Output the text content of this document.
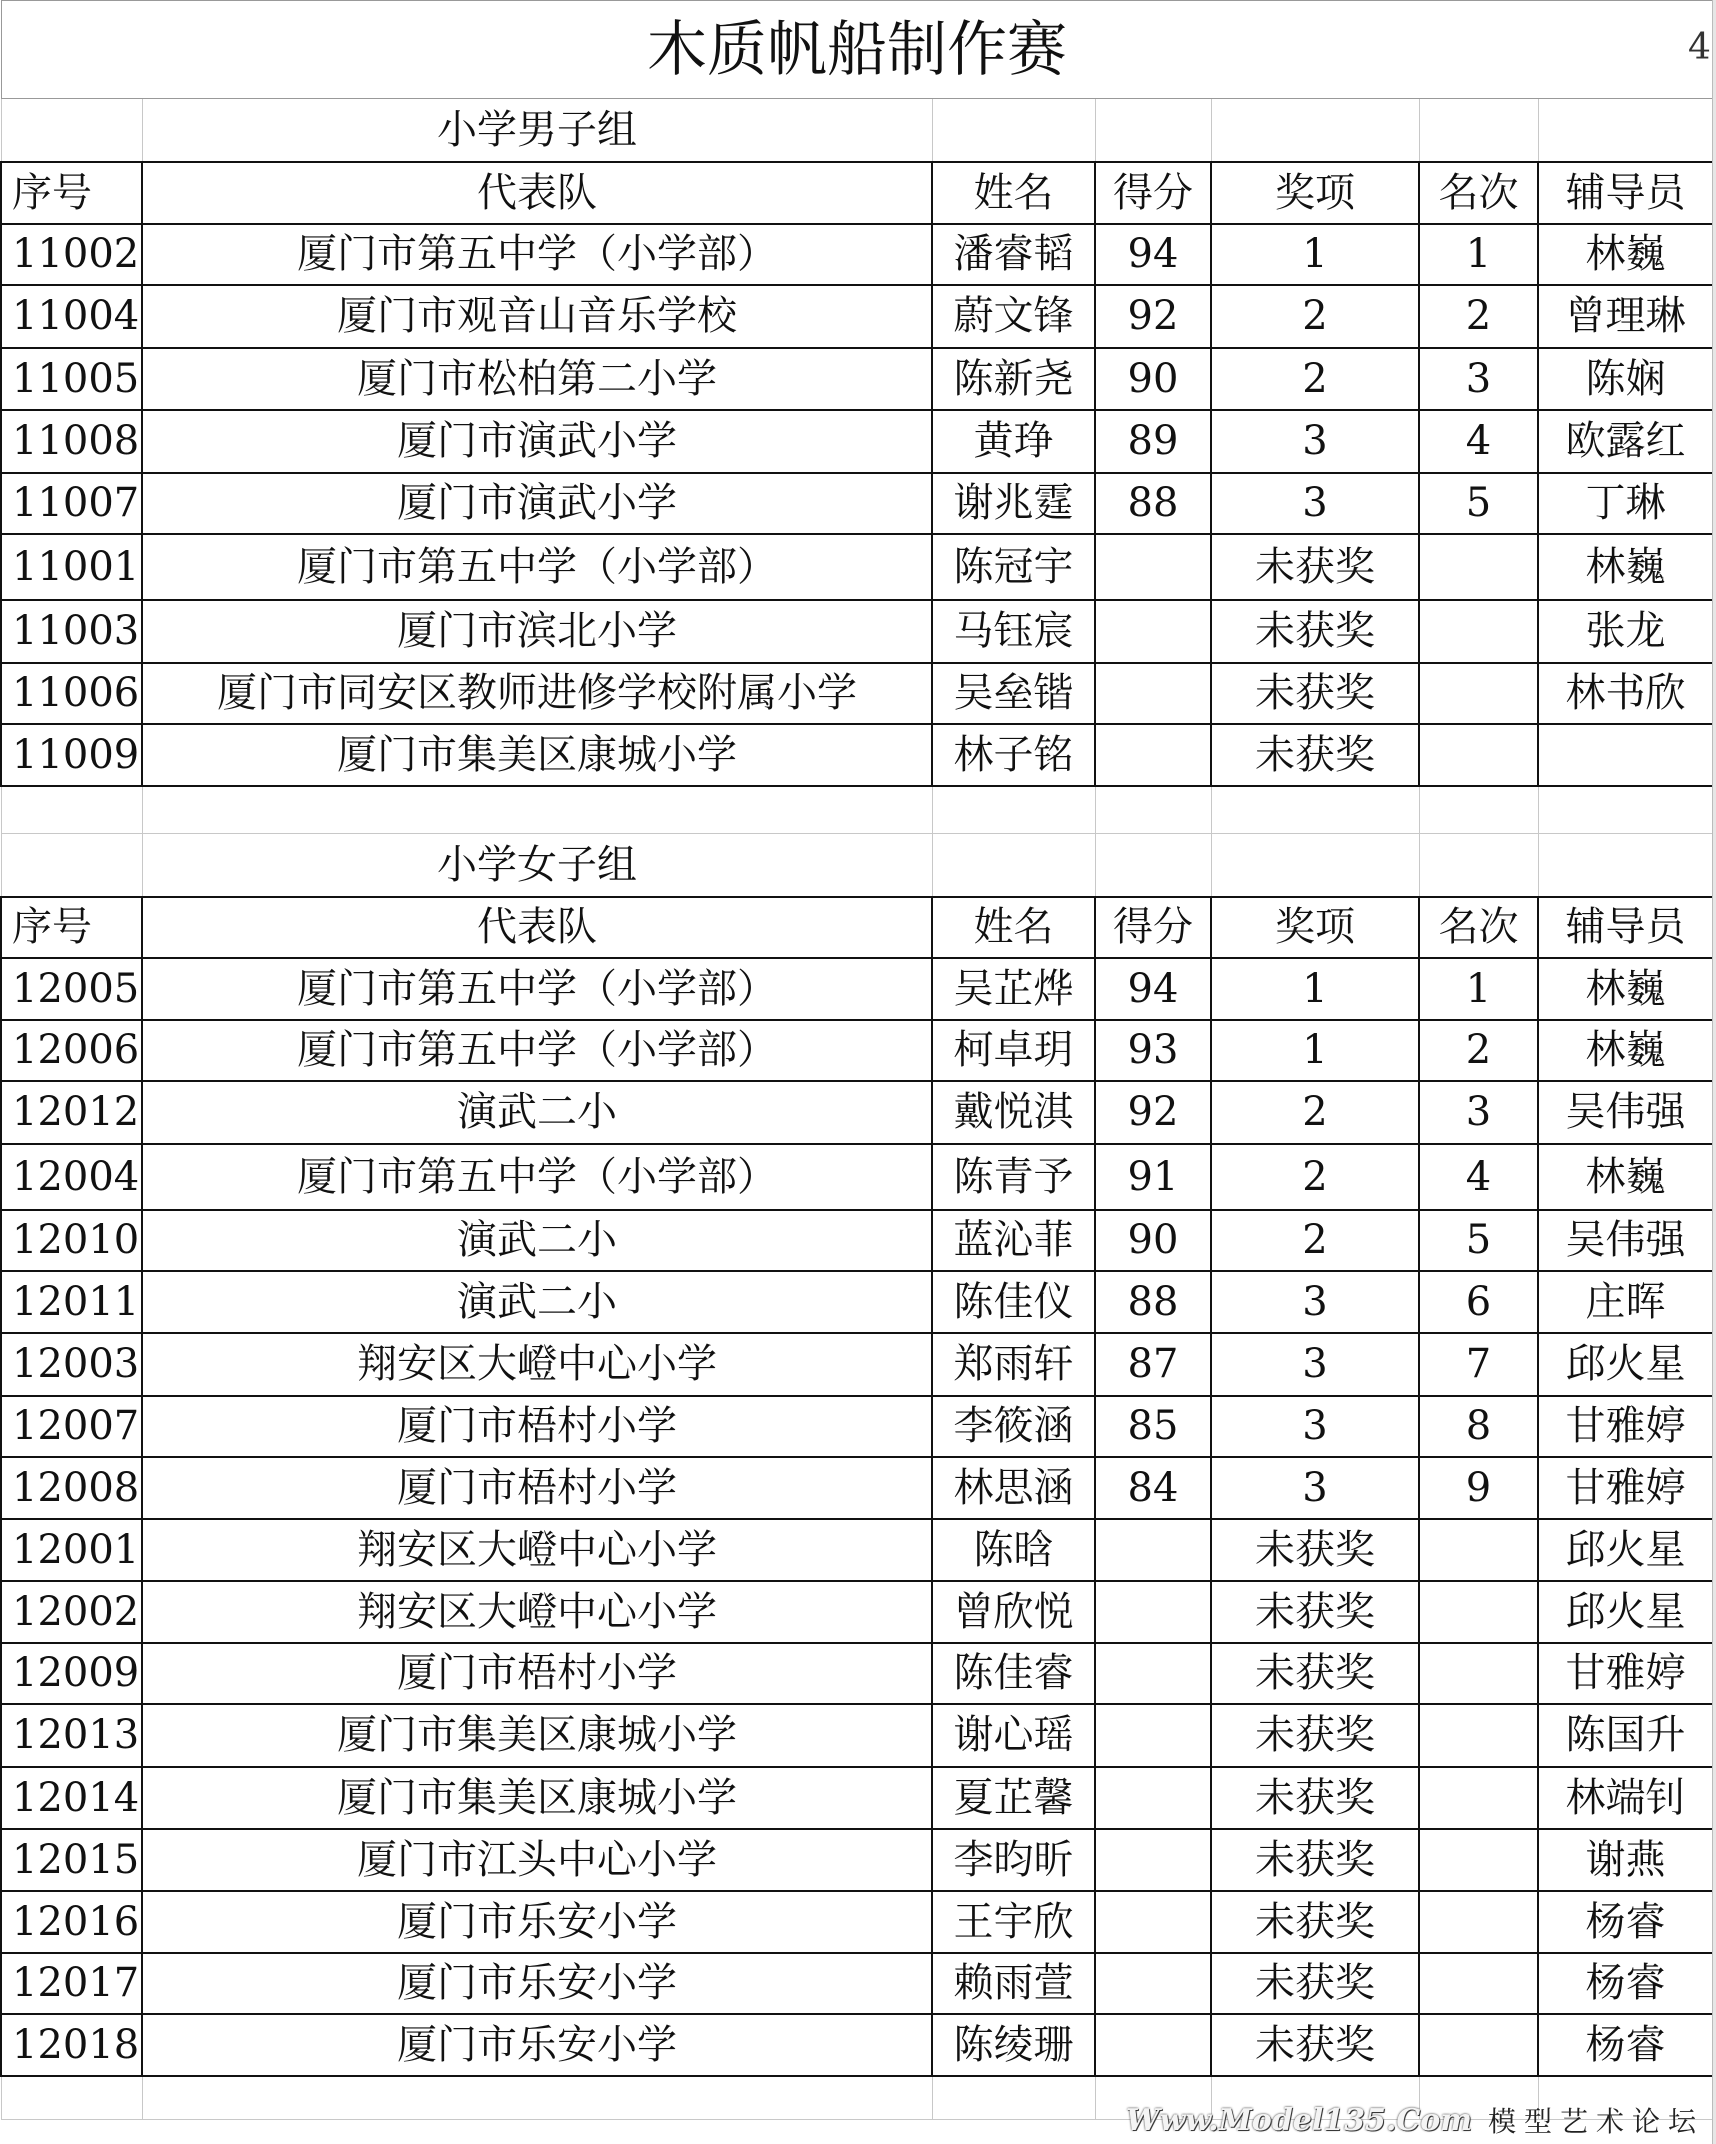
木质帆船制作赛						
	小学男子组					
序号	代表队	姓名	得分	奖项	名次	辅导员
11002	厦门市第五中学（小学部）	潘睿韬	94	1	1	林巍
11004	厦门市观音山音乐学校	蔚文锋	92	2	2	曾理琳
11005	厦门市松柏第二小学	陈新尧	90	2	3	陈娴
11008	厦门市演武小学	黄琤	89	3	4	欧露红
11007	厦门市演武小学	谢兆霆	88	3	5	丁琳
11001	厦门市第五中学（小学部）	陈冠宇		未获奖		林巍
11003	厦门市滨北小学	马钰宸		未获奖		张龙
11006	厦门市同安区教师进修学校附属小学	吴垒锴		未获奖		林书欣
11009	厦门市集美区康城小学	林子铭		未获奖		

	小学女子组					
序号	代表队	姓名	得分	奖项	名次	辅导员
12005	厦门市第五中学（小学部）	吴芷烨	94	1	1	林巍
12006	厦门市第五中学（小学部）	柯卓玥	93	1	2	林巍
12012	演武二小	戴悦淇	92	2	3	吴伟强
12004	厦门市第五中学（小学部）	陈青予	91	2	4	林巍
12010	演武二小	蓝沁菲	90	2	5	吴伟强
12011	演武二小	陈佳仪	88	3	6	庄晖
12003	翔安区大嶝中心小学	郑雨轩	87	3	7	邱火星
12007	厦门市梧村小学	李筱涵	85	3	8	甘雅婷
12008	厦门市梧村小学	林思涵	84	3	9	甘雅婷
12001	翔安区大嶝中心小学	陈晗		未获奖		邱火星
12002	翔安区大嶝中心小学	曾欣悦		未获奖		邱火星
12009	厦门市梧村小学	陈佳睿		未获奖		甘雅婷
12013	厦门市集美区康城小学	谢心瑶		未获奖		陈国升
12014	厦门市集美区康城小学	夏芷馨		未获奖		林端钊
12015	厦门市江头中心小学	李昀昕		未获奖		谢燕
12016	厦门市乐安小学	王宇欣		未获奖		杨睿
12017	厦门市乐安小学	赖雨萱		未获奖		杨睿
12018	厦门市乐安小学	陈绫珊		未获奖		杨睿

4
Www.Model135.Com 模型艺术论坛
